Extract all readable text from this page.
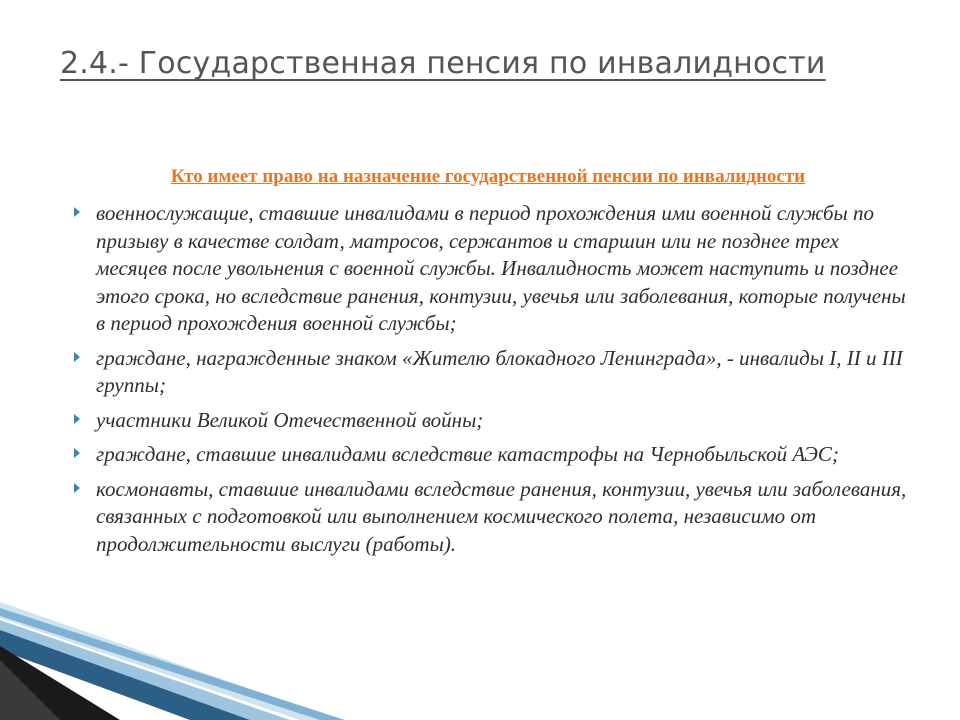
2.4.- Государственная пенсия по инвалидности

Кто имеет право на назначение государственной пенсии по инвалидности

военнослужащие, ставшие инвалидами в период прохождения ими военной службы по призыву в качестве солдат, матросов, сержантов и старшин или не позднее трех месяцев после увольнения с военной службы. Инвалидность может наступить и позднее этого срока, но вследствие ранения, контузии, увечья или заболевания, которые получены в период прохождения военной службы;
граждане, награжденные знаком «Жителю блокадного Ленинграда», - инвалиды I, II и III группы;
участники Великой Отечественной войны;
граждане, ставшие инвалидами вследствие катастрофы на Чернобыльской АЭС;
космонавты, ставшие инвалидами вследствие ранения, контузии, увечья или заболевания, связанных с подготовкой или выполнением космического полета, независимо от продолжительности выслуги (работы).
